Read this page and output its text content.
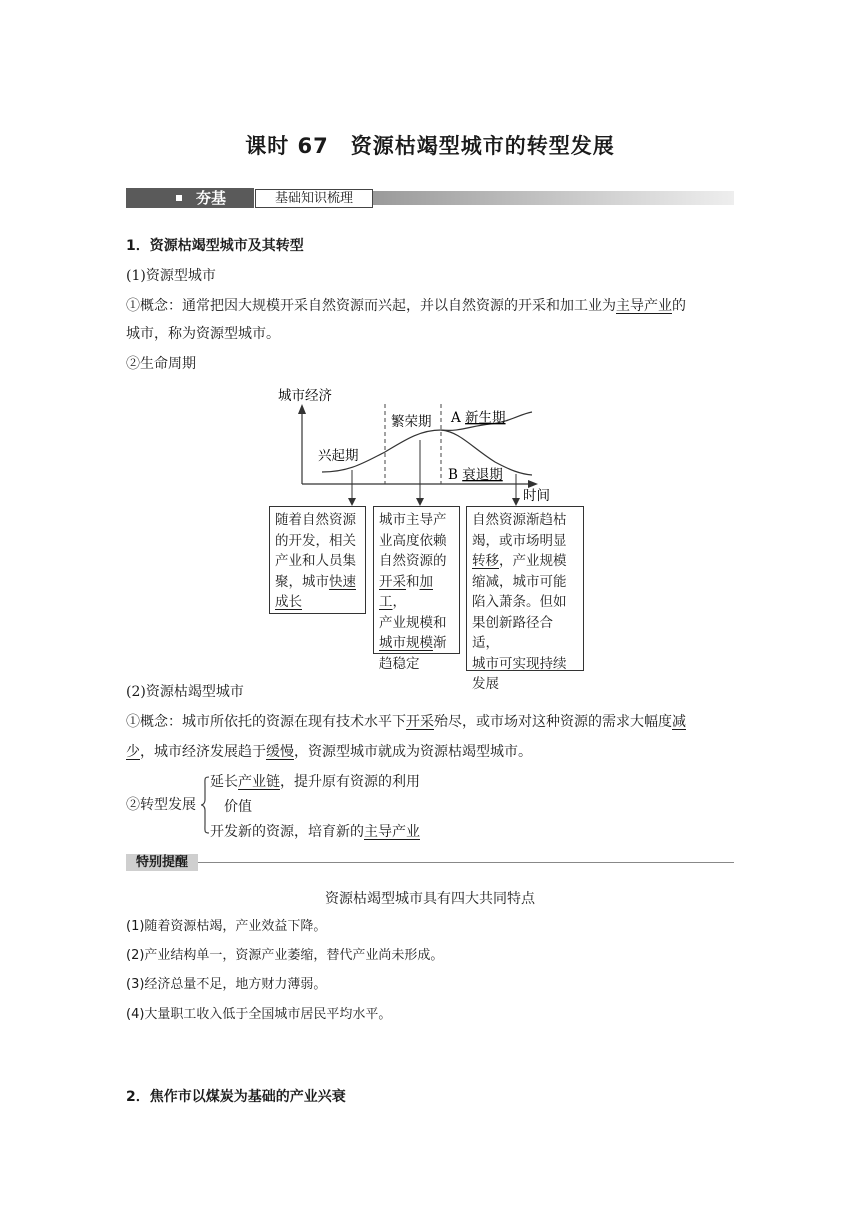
课时 67　资源枯竭型城市的转型发展
夯基	基础知识梳理
1．资源枯竭型城市及其转型
(1)资源型城市
①概念：通常把因大规模开采自然资源而兴起，并以自然资源的开采和加工业为主导产业的
城市，称为资源型城市。
②生命周期
城市经济
兴起期
繁荣期 A 新生期
B 衰退期
时间
随着自然资源
的开发，相关
产业和人员集
聚，城市快速
成长
城市主导产
业高度依赖
自然资源的
开采和加工，
产业规模和
城市规模渐
趋稳定
自然资源渐趋枯
竭，或市场明显
转移，产业规模
缩减，城市可能
陷入萧条。但如
果创新路径合适，
城市可实现持续
发展
(2)资源枯竭型城市
①概念：城市所依托的资源在现有技术水平下开采殆尽，或市场对这种资源的需求大幅度减
少，城市经济发展趋于缓慢，资源型城市就成为资源枯竭型城市。
②转型发展
延长产业链，提升原有资源的利用
价值
开发新的资源，培育新的主导产业
特别提醒
资源枯竭型城市具有四大共同特点
(1)随着资源枯竭，产业效益下降。
(2)产业结构单一，资源产业萎缩，替代产业尚未形成。
(3)经济总量不足，地方财力薄弱。
(4)大量职工收入低于全国城市居民平均水平。
2．焦作市以煤炭为基础的产业兴衰
